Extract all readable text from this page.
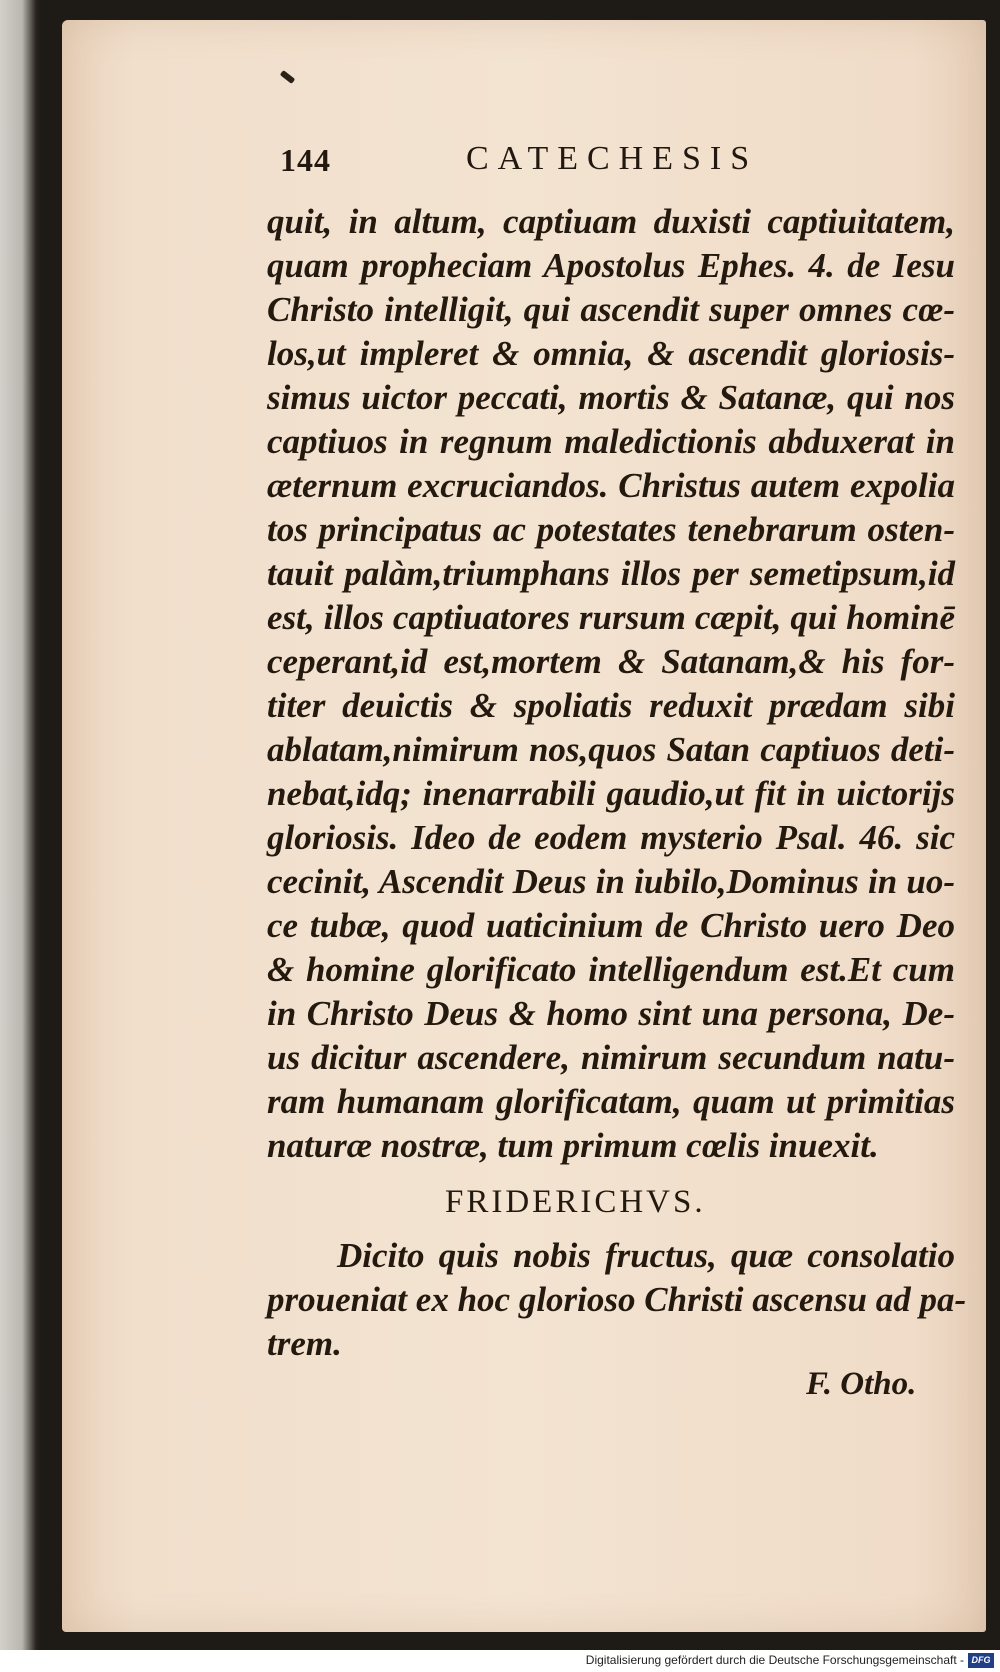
144	CATECHESIS
quit, in altum, captiuam duxisti captiuitatem,
quam propheciam Apostolus Ephes. 4. de Iesu
Christo intelligit, qui ascendit super omnes cœ-
los,ut impleret & omnia, & ascendit gloriosis-
simus uictor peccati, mortis & Satanæ, qui nos
captiuos in regnum maledictionis abduxerat in
æternum excruciandos. Christus autem expolia
tos principatus ac potestates tenebrarum osten-
tauit palàm,triumphans illos per semetipsum,id
est, illos captiuatores rursum cæpit, qui hominē
ceperant,id est,mortem & Satanam,& his for-
titer deuictis & spoliatis reduxit prædam sibi
ablatam,nimirum nos,quos Satan captiuos deti-
nebat,idq; inenarrabili gaudio,ut fit in uictorijs
gloriosis. Ideo de eodem mysterio Psal. 46. sic
cecinit, Ascendit Deus in iubilo,Dominus in uo-
ce tubæ, quod uaticinium de Christo uero Deo
& homine glorificato intelligendum est.Et cum
in Christo Deus & homo sint una persona, De-
us dicitur ascendere, nimirum secundum natu-
ram humanam glorificatam, quam ut primitias
naturæ nostræ, tum primum cœlis inuexit.
FRIDERICHVS.
Dicito quis nobis fructus, quæ consolatio
proueniat ex hoc glorioso Christi ascensu ad pa-
trem.
F. Otho.
Digitalisierung gefördert durch die Deutsche Forschungsgemeinschaft - DFG
